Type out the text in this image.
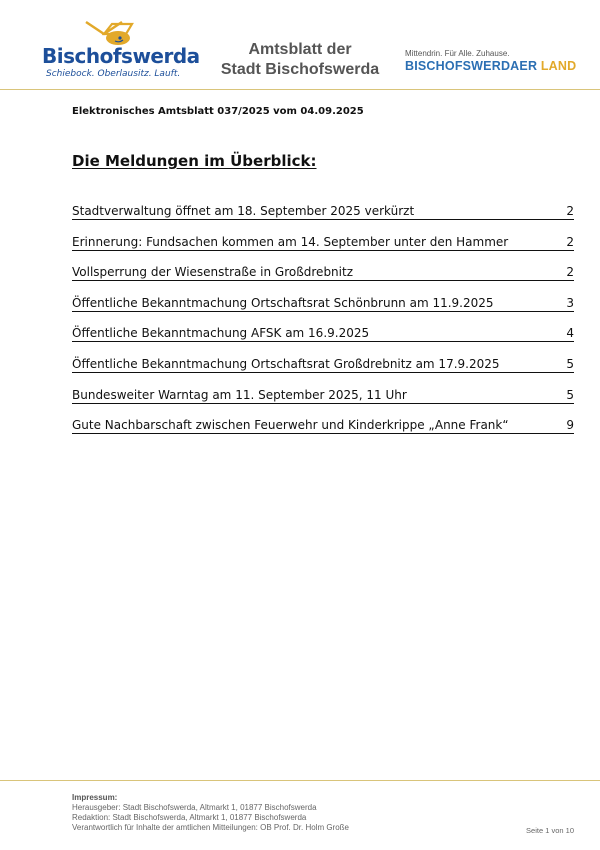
Bischofswerda
Schiebock. Oberlausitz. Lauft.
Amtsblatt der
Stadt Bischofswerda
Mittendrin. Für Alle. Zuhause.
BISCHOFSWERDAER LAND
Elektronisches Amtsblatt 037/2025 vom 04.09.2025
Die Meldungen im Überblick:
Stadtverwaltung öffnet am 18. September 2025 verkürzt	2
Erinnerung: Fundsachen kommen am 14. September unter den Hammer	2
Vollsperrung der Wiesenstraße in Großdrebnitz	2
Öffentliche Bekanntmachung Ortschaftsrat Schönbrunn am 11.9.2025	3
Öffentliche Bekanntmachung AFSK am 16.9.2025	4
Öffentliche Bekanntmachung Ortschaftsrat Großdrebnitz am 17.9.2025	5
Bundesweiter Warntag am 11. September 2025, 11 Uhr	5
Gute Nachbarschaft zwischen Feuerwehr und Kinderkrippe „Anne Frank“	9
Impressum:
Herausgeber: Stadt Bischofswerda, Altmarkt 1, 01877 Bischofswerda
Redaktion: Stadt Bischofswerda, Altmarkt 1, 01877 Bischofswerda
Verantwortlich für Inhalte der amtlichen Mitteilungen: OB Prof. Dr. Holm Große	Seite 1 von 10
